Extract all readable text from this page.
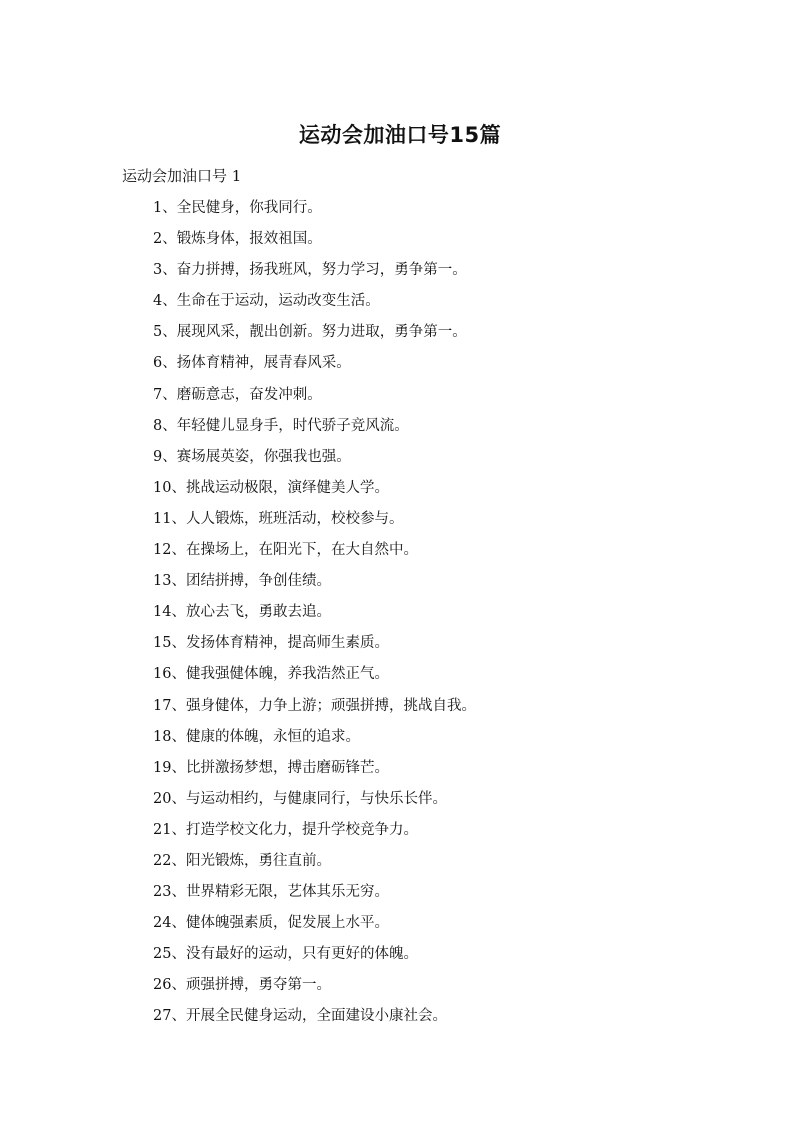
运动会加油口号15篇
运动会加油口号 1
1、全民健身，你我同行。
2、锻炼身体，报效祖国。
3、奋力拼搏，扬我班风，努力学习，勇争第一。
4、生命在于运动，运动改变生活。
5、展现风采，靓出创新。努力进取，勇争第一。
6、扬体育精神，展青春风采。
7、磨砺意志，奋发冲刺。
8、年轻健儿显身手，时代骄子竞风流。
9、赛场展英姿，你强我也强。
10、挑战运动极限，演绎健美人学。
11、人人锻炼，班班活动，校校参与。
12、在操场上，在阳光下，在大自然中。
13、团结拼搏，争创佳绩。
14、放心去飞，勇敢去追。
15、发扬体育精神，提高师生素质。
16、健我强健体魄，养我浩然正气。
17、强身健体，力争上游；顽强拼搏，挑战自我。
18、健康的体魄，永恒的追求。
19、比拼激扬梦想，搏击磨砺锋芒。
20、与运动相约，与健康同行，与快乐长伴。
21、打造学校文化力，提升学校竞争力。
22、阳光锻炼，勇往直前。
23、世界精彩无限，艺体其乐无穷。
24、健体魄强素质，促发展上水平。
25、没有最好的运动，只有更好的体魄。
26、顽强拼搏，勇夺第一。
27、开展全民健身运动，全面建设小康社会。
